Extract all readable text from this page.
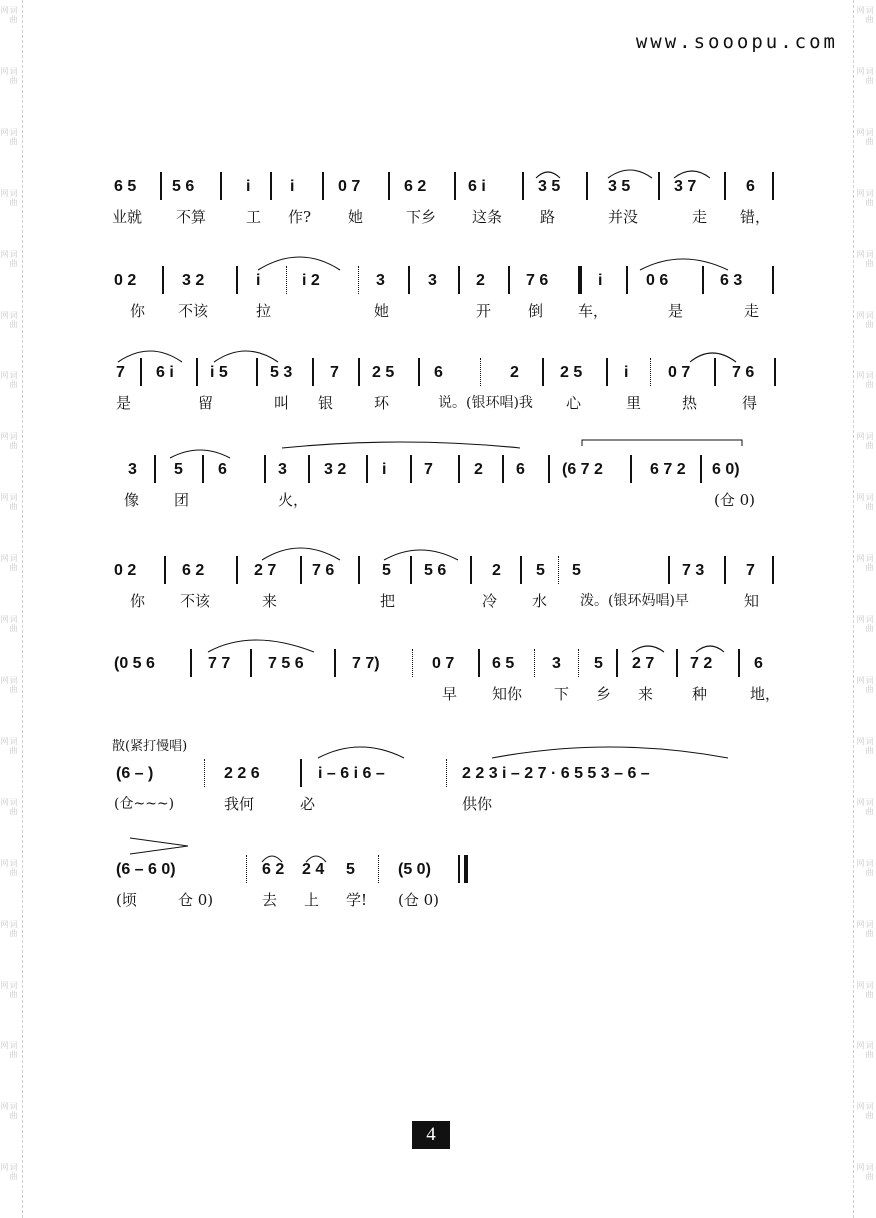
词曲网
词曲网
词曲网
词曲网
词曲网
词曲网
词曲网
词曲网
词曲网
词曲网
词曲网
词曲网
词曲网
词曲网
词曲网
词曲网
词曲网
词曲网
词曲网
词曲网
词曲网
词曲网
词曲网
词曲网
词曲网
词曲网
词曲网
词曲网
词曲网
词曲网
词曲网
词曲网
词曲网
词曲网
词曲网
词曲网
词曲网
词曲网
词曲网
词曲网
www.sooopu.com
6 5 5 6	i i	0 7	6 2	6 i	3 5	3 5	3 7	6
业就 不算	工 作? 她	下乡 这条	路	并没	走 错，
0 2	3 2	i	i 2	3	3 2	7 6	i	0 6	6 3
你 不该	拉	她	开 倒 车，	是	走
7 6 i i 5	5 3 7 2 5 6	2	2 5	i 0 7	7 6
是	留	叫 银	环	说。(银环唱)我 心	里	热	得
3 5 6	3 3 2 i 7	2 6 (6 7 2	6 7 2 6 0)
像 团	火，	(仓 0)
0 2	6 2	2 7 7 6	5 5 6	2 5 5	7 3	7
你 不该	来	把	冷 水 泼。(银环妈唱)早	知
(0 5 6	7 7 7 5 6	7 7)	0 7 6 5 3 5 2 7 7 2	6
早 知你 下 乡 来	种	地，
散(紧打慢唱)
(6 – )	2 2 6	i – 6 i 6 –	2 2 3 i – 2 7 · 6 5 5 3 – 6 –
(仓~~~)	我何	必	供你
(6 – 6 0)	6 2 2 4 5	(5 0)
(顷	仓 0)	去 上 学! (仓 0)
4
